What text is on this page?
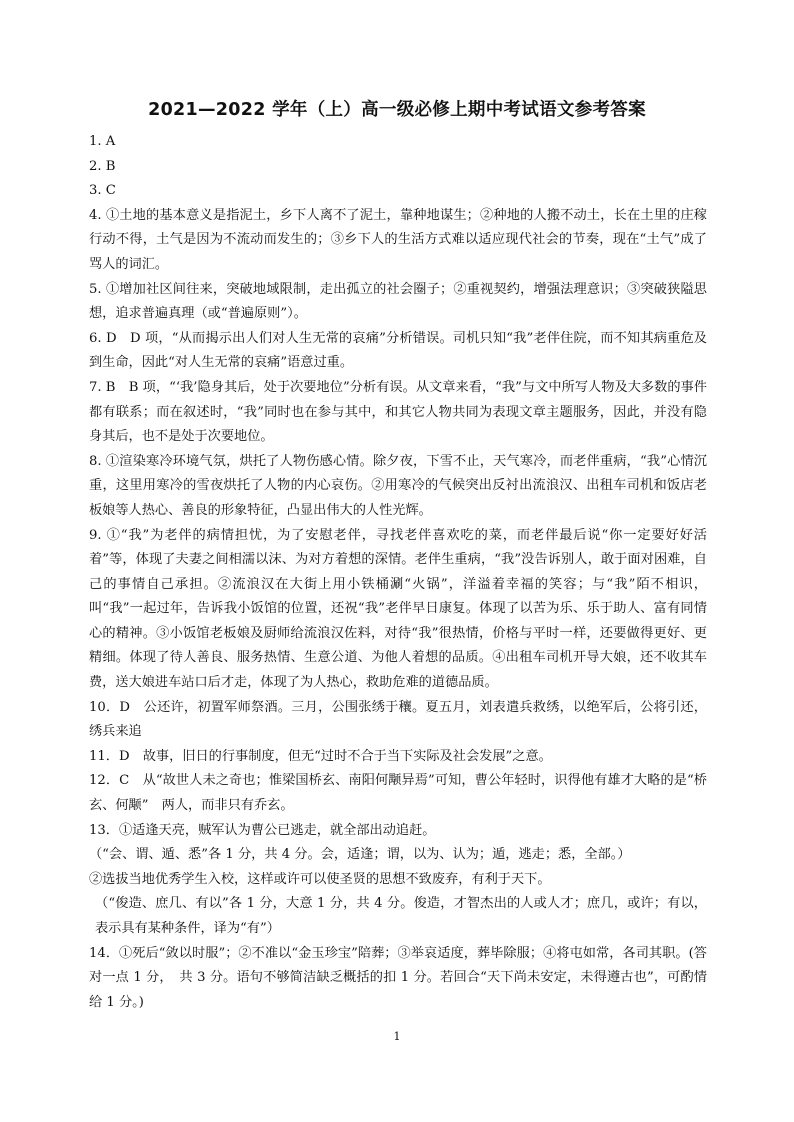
2021—2022 学年（上）高一级必修上期中考试语文参考答案

1. A

2. B

3. C

4. ①土地的基本意义是指泥土，乡下人离不了泥土，靠种地谋生；②种地的人搬不动土，长在土里的庄稼行动不得，土气是因为不流动而发生的；③乡下人的生活方式难以适应现代社会的节奏，现在“土气”成了骂人的词汇。

5. ①增加社区间往来，突破地域限制，走出孤立的社会圈子；②重视契约，增强法理意识；③突破狭隘思想，追求普遍真理（或“普遍原则”）。

6. D　D 项，“从而揭示出人们对人生无常的哀痛”分析错误。司机只知“我”老伴住院，而不知其病重危及到生命，因此“对人生无常的哀痛”语意过重。

7. B　B 项，“‘我’隐身其后，处于次要地位”分析有误。从文章来看，“我”与文中所写人物及大多数的事件都有联系；而在叙述时，“我”同时也在参与其中，和其它人物共同为表现文章主题服务，因此，并没有隐身其后，也不是处于次要地位。

8. ①渲染寒冷环境气氛，烘托了人物伤感心情。除夕夜，下雪不止，天气寒冷，而老伴重病，“我”心情沉重，这里用寒冷的雪夜烘托了人物的内心哀伤。②用寒冷的气候突出反衬出流浪汉、出租车司机和饭店老板娘等人热心、善良的形象特征，凸显出伟大的人性光辉。

9. ①“我”为老伴的病情担忧，为了安慰老伴，寻找老伴喜欢吃的菜，而老伴最后说“你一定要好好活着”等，体现了夫妻之间相濡以沫、为对方着想的深情。老伴生重病，“我”没告诉别人，敢于面对困难，自己的事情自己承担。②流浪汉在大街上用小铁桶涮“火锅”，洋溢着幸福的笑容；与“我”陌不相识，叫“我”一起过年，告诉我小饭馆的位置，还祝“我”老伴早日康复。体现了以苦为乐、乐于助人、富有同情心的精神。③小饭馆老板娘及厨师给流浪汉佐料，对待“我”很热情，价格与平时一样，还要做得更好、更精细。体现了待人善良、服务热情、生意公道、为他人着想的品质。④出租车司机开导大娘，还不收其车费，送大娘进车站口后才走，体现了为人热心，救助危难的道德品质。

10．D　公还许，初置军师祭酒。三月，公围张绣于穰。夏五月，刘表遣兵救绣，以绝军后，公将引还，绣兵来追

11．D　故事，旧日的行事制度，但无“过时不合于当下实际及社会发展”之意。

12．C　从“故世人未之奇也；惟梁国桥玄、南阳何颙异焉”可知，曹公年轻时，识得他有雄才大略的是“桥玄、何颙”　两人，而非只有乔玄。

13．①适逢天亮，贼军认为曹公已逃走，就全部出动追赶。

（“会、谓、遁、悉”各 1 分，共 4 分。会，适逢；谓，以为、认为；遁，逃走；悉，全部。）

②选拔当地优秀学生入校，这样或许可以使圣贤的思想不致废弃，有利于天下。

（“俊造、庶几、有以”各 1 分，大意 1 分，共 4 分。俊造，才智杰出的人或人才；庶几，或许；有以，表示具有某种条件，译为“有”）

14．①死后“敛以时服”；②不准以“金玉珍宝”陪葬；③举哀适度，葬毕除服；④将屯如常，各司其职。(答对一点 1 分，　共 3 分。语句不够简洁缺乏概括的扣 1 分。若回合“天下尚未安定，未得遵古也”，可酌情给 1 分。)

1
